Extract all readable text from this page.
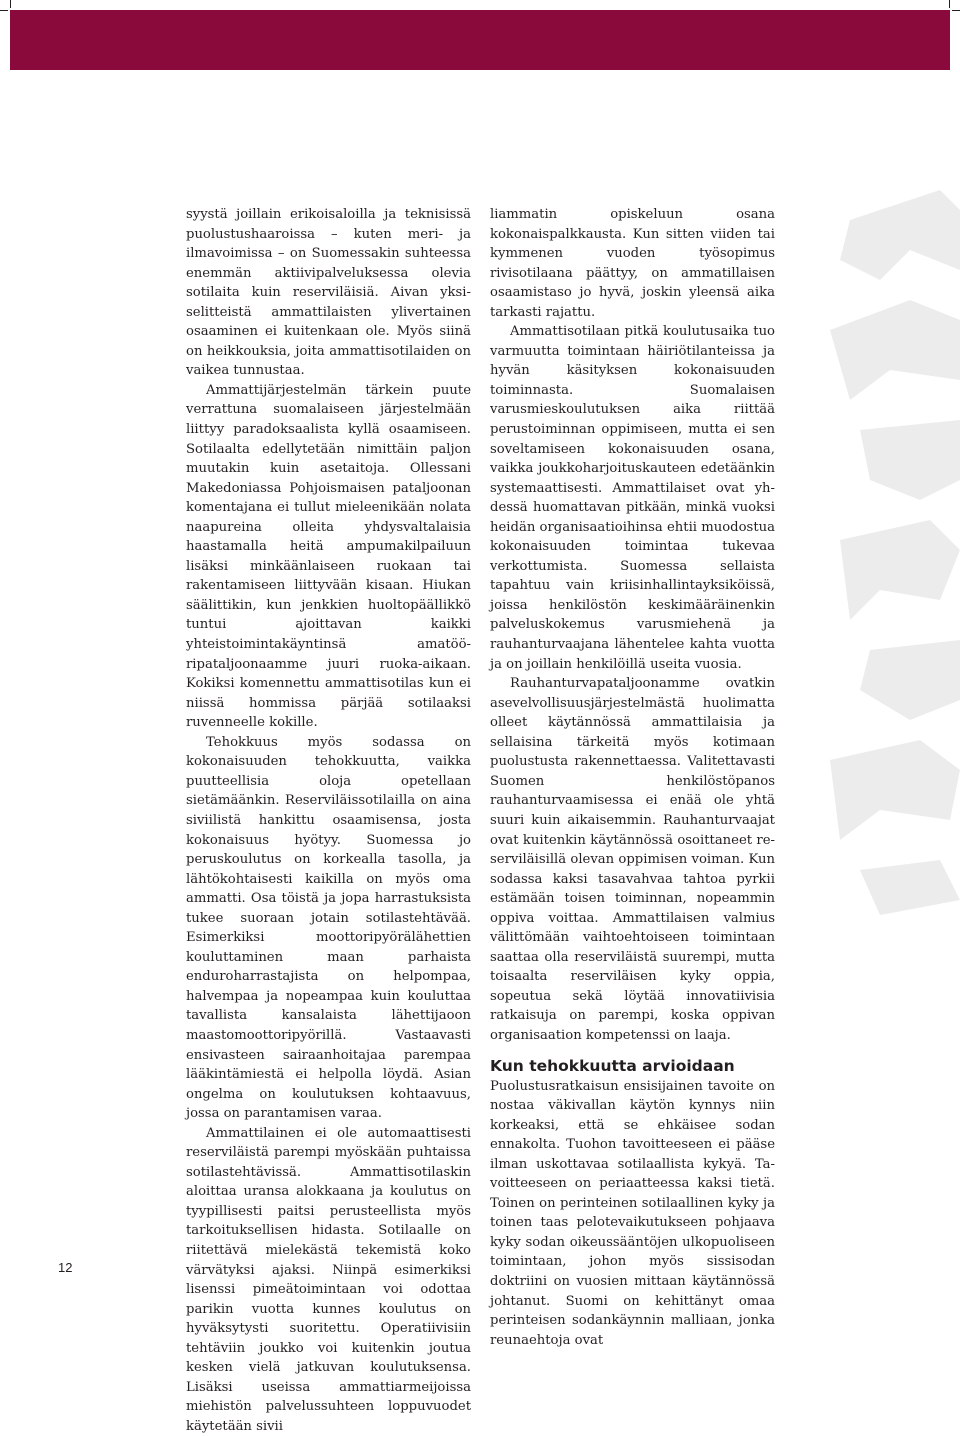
syystä joillain erikoisaloilla ja teknisissä puolustushaaroissa – kuten meri- ja ilmavoimissa – on Suomessakin suhteessa enemmän aktiivipalveluksessa olevia sotilaita kuin reserviläisiä. Aivan yksiselitteistä ammattilaisten ylivertainen osaaminen ei kuitenkaan ole. Myös siinä on heikkouksia, joita ammattisotilaiden on vaikea tunnustaa.

Ammattijärjestelmän tärkein puute verrattuna suomalaiseen järjestelmään liittyy paradoksaalista kyllä osaamiseen. Sotilaalta edellytetään nimittäin paljon muutakin kuin asetaitoja. Ollessani Makedoniassa Pohjoismaisen pataljoonan komentajana ei tullut mieleenikään nolata naapureina olleita yhdysvaltalaisia haastamalla heitä ampumakilpailuun lisäksi minkäänlaiseen ruokaan tai rakentamiseen liittyvään kisaan. Hiukan säälittikin, kun jenkkien huoltopäällikkö tuntui ajoittavan kaikki yhteistoimintakäyntinsä amatööripataljoonaamme juuri ruoka-aikaan. Kokiksi komennettu ammattisotilas kun ei niissä hommissa pärjää sotilaaksi ruvenneelle kokille.

Tehokkuus myös sodassa on kokonaisuuden tehokkuutta, vaikka puutteellisia oloja opetellaan sietämäänkin. Reserviläissotilailla on aina siviilistä hankittu osaamisensa, josta kokonaisuus hyötyy. Suomessa jo peruskoulutus on korkealla tasolla, ja lähtökohtaisesti kaikilla on myös oma ammatti. Osa töistä ja jopa harrastuksista tukee suoraan jotain sotilastehtävää. Esimerkiksi moottoripyörälähettien kouluttaminen maan parhaista enduroharrastajista on helpompaa, halvempaa ja nopeampaa kuin kouluttaa tavallista kansalaista lähettijaoon maastomoottoripyörillä. Vastaavasti ensivasteen sairaanhoitajaa parempaa lääkintämiestä ei helpolla löydä. Asian ongelma on koulutuksen kohtaavuus, jossa on parantamisen varaa.

Ammattilainen ei ole automaattisesti reserviläistä parempi myöskään puhtaissa sotilastehtävissä. Ammattisotilaskin aloittaa uransa alokkaana ja koulutus on tyypillisesti paitsi perusteellista myös tarkoituksellisen hidasta. Sotilaalle on riitettävä mielekästä tekemistä koko värvätyksi ajaksi. Niinpä esimerkiksi lisenssi pimeätoimintaan voi odottaa parikin vuotta kunnes koulutus on hyväksytysti suoritettu. Operatiivisiin tehtäviin joukko voi kuitenkin joutua kesken vielä jatkuvan koulutuksensa. Lisäksi useissa ammattiarmeijoissa miehistön palvelussuhteen loppuvuodet käytetään sivii

liammatin opiskeluun osana kokonaispalkkausta. Kun sitten viiden tai kymmenen vuoden työsopimus rivisotilaana päättyy, on ammatillaisen osaamistaso jo hyvä, joskin yleensä aika tarkasti rajattu.

Ammattisotilaan pitkä koulutusaika tuo varmuutta toimintaan häiriötilanteissa ja hyvän käsityksen kokonaisuuden toiminnasta. Suomalaisen varusmieskoulutuksen aika riittää perustoiminnan oppimiseen, mutta ei sen soveltamiseen kokonaisuuden osana, vaikka joukkoharjoituskauteen edetäänkin systemaattisesti. Ammattilaiset ovat yhdessä huomattavan pitkään, minkä vuoksi heidän organisaatioihinsa ehtii muodostua kokonaisuuden toimintaa tukevaa verkottumista. Suomessa sellaista tapahtuu vain kriisinhallintayksiköissä, joissa henkilöstön keskimääräinenkin palveluskokemus varusmiehenä ja rauhanturvaajana lähentelee kahta vuotta ja on joillain henkilöillä useita vuosia.

Rauhanturvapataljoonamme ovatkin asevelvollisuusjärjestelmästä huolimatta olleet käytännössä ammattilaisia ja sellaisina tärkeitä myös kotimaan puolustusta rakennettaessa. Valitettavasti Suomen henkilöstöpanos rauhanturvaamisessa ei enää ole yhtä suuri kuin aikaisemmin. Rauhanturvaajat ovat kuitenkin käytännössä osoittaneet reserviläisillä olevan oppimisen voiman. Kun sodassa kaksi tasavahvaa tahtoa pyrkii estämään toisen toiminnan, nopeammin oppiva voittaa. Ammattilaisen valmius välittömään vaihtoehtoiseen toimintaan saattaa olla reserviläistä suurempi, mutta toisaalta reserviläisen kyky oppia, sopeutua sekä löytää innovatiivisia ratkaisuja on parempi, koska oppivan organisaation kompetenssi on laaja.

Kun tehokkuutta arvioidaan

Puolustusratkaisun ensisijainen tavoite on nostaa väkivallan käytön kynnys niin korkeaksi, että se ehkäisee sodan ennakolta. Tuohon tavoitteeseen ei pääse ilman uskottavaa sotilaallista kykyä. Tavoitteeseen on periaatteessa kaksi tietä. Toinen on perinteinen sotilaallinen kyky ja toinen taas pelotevaikutukseen pohjaava kyky sodan oikeussääntöjen ulkopuoliseen toimintaan, johon myös sissisodan doktriini on vuosien mittaan käytännössä johtanut. Suomi on kehittänyt omaa perinteisen sodankäynnin malliaan, jonka reunaehtoja ovat

12
